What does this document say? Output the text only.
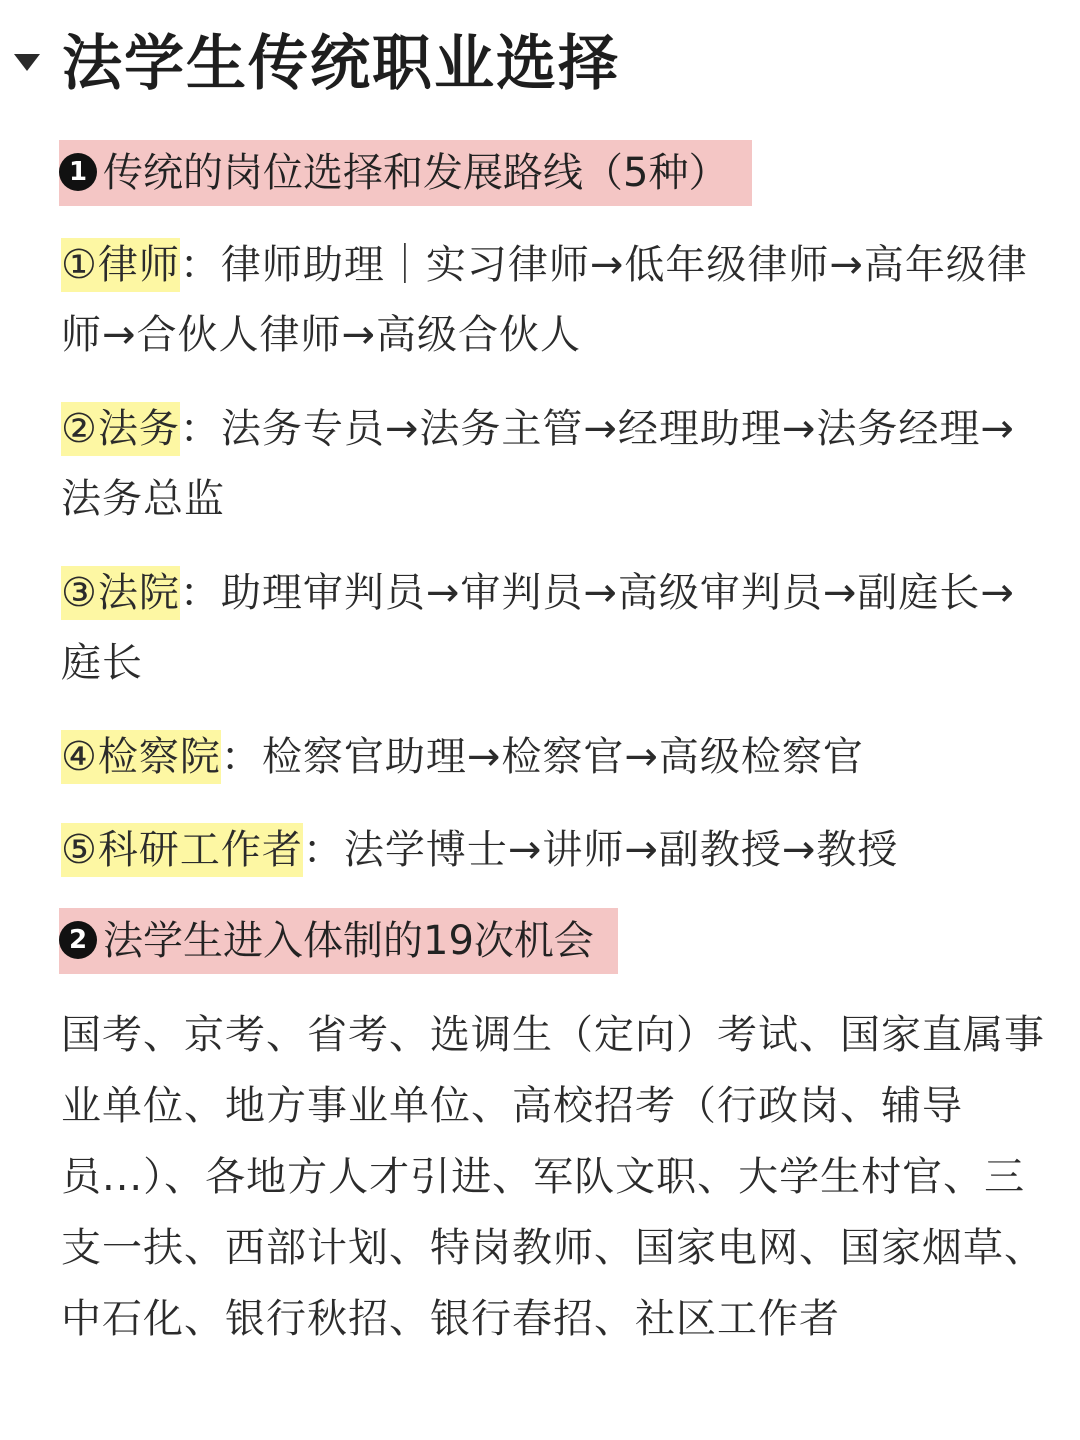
法学生传统职业选择
1 传统的岗位选择和发展路线（5种）
①律师：律师助理｜实习律师→低年级律师→高年级律师→合伙人律师→高级合伙人
②法务：法务专员→法务主管→经理助理→法务经理→法务总监
③法院：助理审判员→审判员→高级审判员→副庭长→庭长
④检察院：检察官助理→检察官→高级检察官
⑤科研工作者：法学博士→讲师→副教授→教授
2 法学生进入体制的19次机会
国考、京考、省考、选调生（定向）考试、国家直属事业单位、地方事业单位、高校招考（行政岗、辅导员...）、各地方人才引进、军队文职、大学生村官、三支一扶、西部计划、特岗教师、国家电网、国家烟草、中石化、银行秋招、银行春招、社区工作者
